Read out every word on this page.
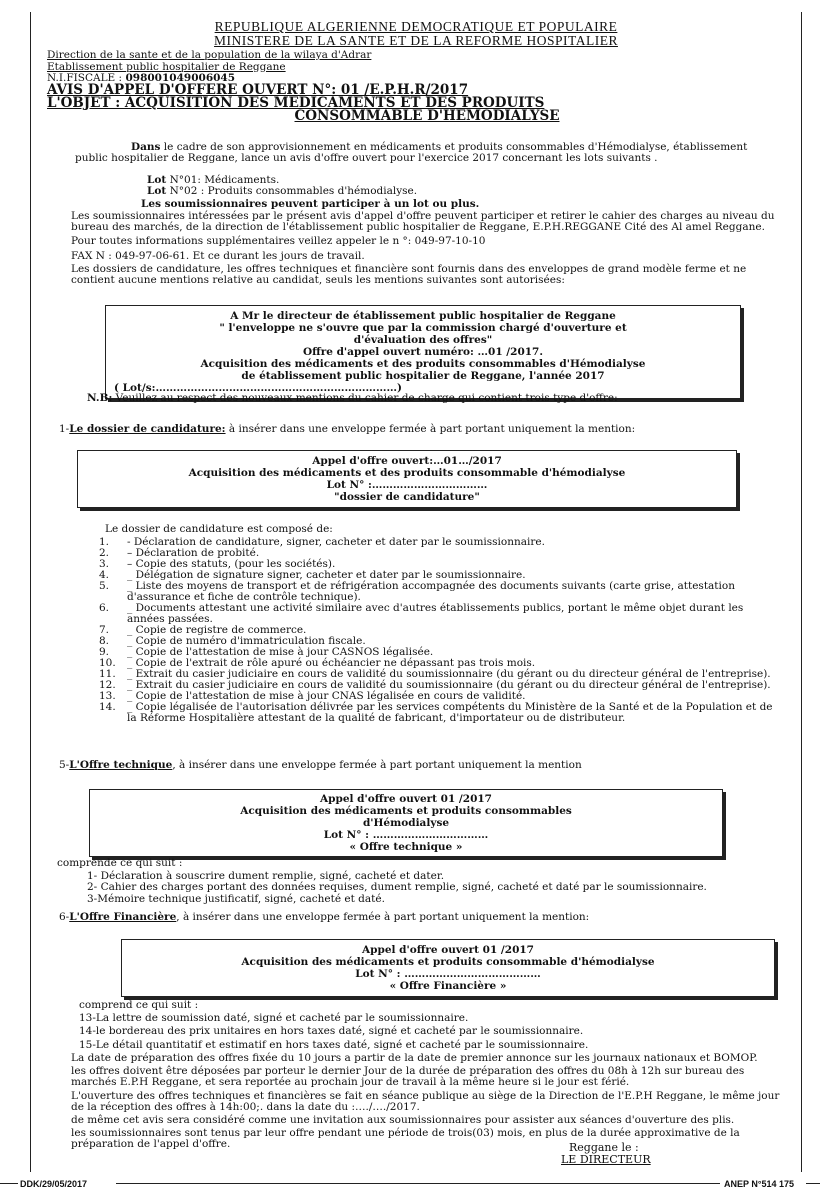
REPUBLIQUE ALGERIENNE DEMOCRATIQUE ET POPULAIRE
MINISTERE DE LA SANTE ET DE LA REFORME HOSPITALIER
Direction de la sante et de la population de la wilaya d'Adrar
Etablissement public hospitalier de Reggane
N.I.FISCALE : 098001049006045
AVIS D'APPEL D'OFFERE OUVERT N°: 01 /E.P.H.R/2017
L'OBJET : ACQUISITION DES MEDICAMENTS ET DES PRODUITS
CONSOMMABLE D'HEMODIALYSE

Dans le cadre de son approvisionnement en médicaments et produits consommables d'Hémodialyse, établissement public hospitalier de Reggane, lance un avis d'offre ouvert pour l'exercice 2017 concernant les lots suivants .

Lot N°01: Médicaments.

Lot N°02 : Produits consommables d'hémodialyse.

Les soumissionnaires peuvent participer à un lot ou plus.

Les soumissionnaires intéressées par le présent avis d'appel d'offre peuvent participer et retirer le cahier des charges au niveau du bureau des marchés, de la direction de l'établissement public hospitalier de Reggane, E.P.H.REGGANE Cité des Al amel Reggane.

Pour toutes informations supplémentaires veillez appeler le n °: 049-97-10-10

FAX N : 049-97-06-61. Et ce durant les jours de travail.

Les dossiers de candidature, les offres techniques et financière sont fournis dans des enveloppes de grand modèle ferme et ne contient aucune mentions relative au candidat, seuls les mentions suivantes sont autorisées:

A Mr le directeur de établissement public hospitalier de Reggane
" l'enveloppe ne s'ouvre que par la commission chargé d'ouverture et
d'évaluation des offres"
Offre d'appel ouvert numéro: …01 /2017.
Acquisition des médicaments et des produits consommables d'Hémodialyse
de établissement public hospitalier de Reggane, l'année 2017
( Lot/s:……………………………………………………………)

N.B: Veuillez au respect des nouveaux mentions du cahier de charge qui contient trois type d'offre:

1-Le dossier de candidature: à insérer dans une enveloppe fermée à part portant uniquement la mention:

Appel d'offre ouvert:…01…/2017
Acquisition des médicaments et des produits consommable d'hémodialyse
Lot N° :……………………………
"dossier de candidature"

Le dossier de candidature est composé de:

1.	- Déclaration de candidature, signer, cacheter et dater par le soumissionnaire.
2.	– Déclaration de probité.
3.	– Copie des statuts, (pour les sociétés).
4.	_ Délégation de signature signer, cacheter et dater par le soumissionnaire.
5.	_ Liste des moyens de transport et de réfrigération accompagnée des documents suivants (carte grise, attestation d'assurance et fiche de contrôle technique).
6.	_ Documents attestant une activité similaire avec d'autres établissements publics, portant le même objet durant les années passées.
7.	_ Copie de registre de commerce.
8.	_ Copie de numéro d'immatriculation fiscale.
9.	_ Copie de l'attestation de mise à jour CASNOS légalisée.
10.	_ Copie de l'extrait de rôle apuré ou échéancier ne dépassant pas trois mois.
11.	_ Extrait du casier judiciaire en cours de validité du soumissionnaire (du gérant ou du directeur général de l'entreprise).
12.	_ Extrait du casier judiciaire en cours de validité du soumissionnaire (du gérant ou du directeur général de l'entreprise).
13.	_ Copie de l'attestation de mise à jour CNAS légalisée en cours de validité.
14.	_ Copie légalisée de l'autorisation délivrée par les services compétents du Ministère de la Santé et de la Population et de la Réforme Hospitalière attestant de la qualité de fabricant, d'importateur ou de distributeur.

5-L'Offre technique, à insérer dans une enveloppe fermée à part portant uniquement la mention

Appel d'offre ouvert 01 /2017
Acquisition des médicaments et produits consommables
d'Hémodialyse
Lot N° : ……………………………
« Offre technique »

comprende ce qui suit :

1- Déclaration à souscrire dument remplie, signé, cacheté et dater.

2- Cahier des charges portant des données requises, dument remplie, signé, cacheté et daté par le soumissionnaire.

3-Mémoire technique justificatif, signé, cacheté et daté.

6-L'Offre Financière, à insérer dans une enveloppe fermée à part portant uniquement la mention:

Appel d'offre ouvert 01 /2017
Acquisition des médicaments et produits consommable d'hémodialyse
Lot N° : …………………………………
« Offre Financière »

comprend ce qui suit :

13-La lettre de soumission daté, signé et cacheté par le soumissionnaire.

14-le bordereau des prix unitaires en hors taxes daté, signé et cacheté par le soumissionnaire.

15-Le détail quantitatif et estimatif en hors taxes daté, signé et cacheté par le soumissionnaire.

La date de préparation des offres fixée du 10 jours a partir de la date de premier annonce sur les journaux nationaux et BOMOP.

les offres doivent être déposées par porteur le dernier Jour de la durée de préparation des offres du 08h à 12h sur bureau des marchés E.P.H Reggane, et sera reportée au prochain jour de travail à la même heure si le jour est férié.

L'ouverture des offres techniques et financières se fait en séance publique au siège de la Direction de l'E.P.H Reggane, le même jour de la réception des offres à 14h:00;. dans la date du :…./…./2017.

de même cet avis sera considéré comme une invitation aux soumissionnaires pour assister aux séances d'ouverture des plis.

les soumissionnaires sont tenus par leur offre pendant une période de trois(03) mois, en plus de la durée approximative de la préparation de l'appel d'offre.	Reggane le :
LE DIRECTEUR
DDK/29/05/2017	ANEP N°514 175
